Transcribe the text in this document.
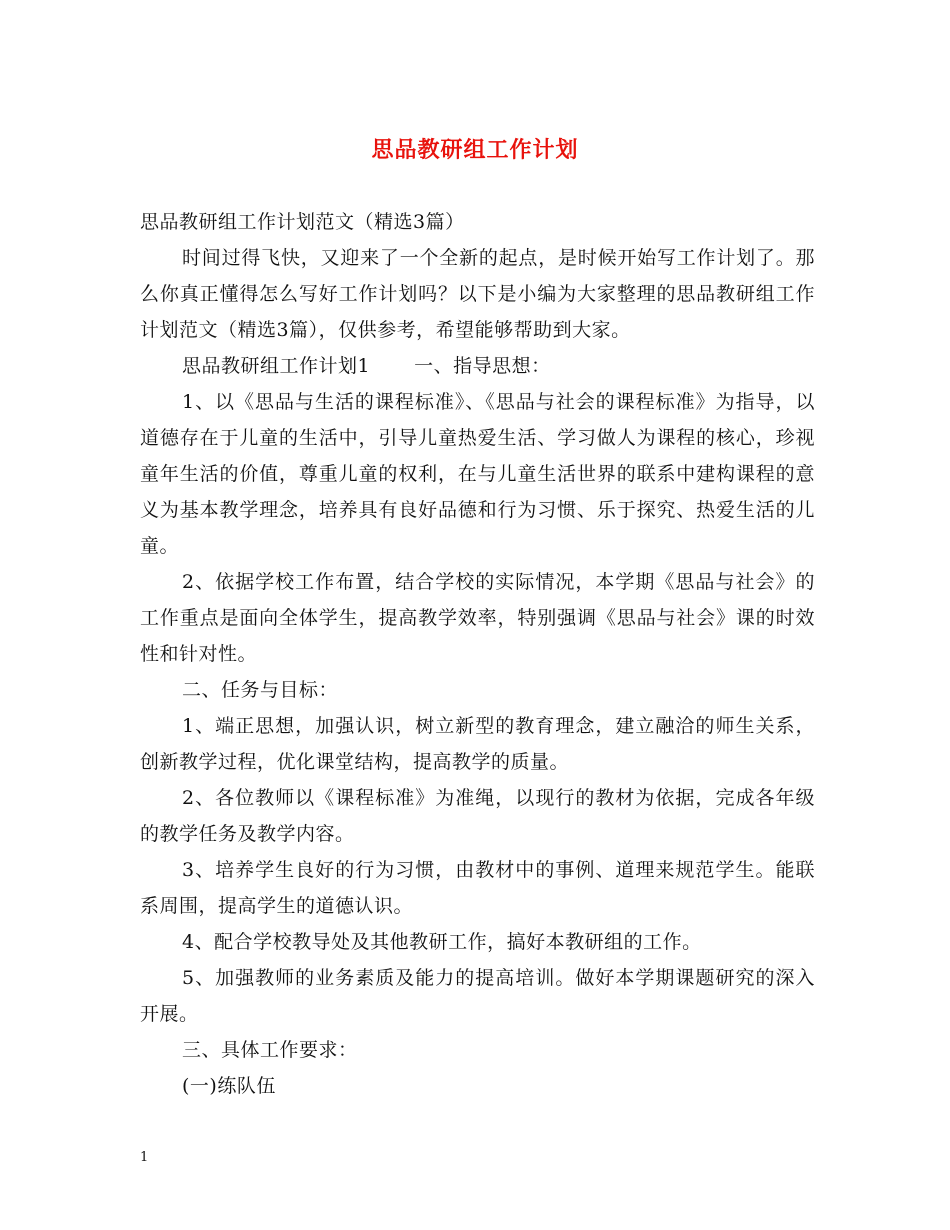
思品教研组工作计划

思品教研组工作计划范文（精选3篇）

时间过得飞快，又迎来了一个全新的起点，是时候开始写工作计划了。那么你真正懂得怎么写好工作计划吗？以下是小编为大家整理的思品教研组工作计划范文（精选3篇），仅供参考，希望能够帮助到大家。

思品教研组工作计划1 一、指导思想：

1、以《思品与生活的课程标准》、《思品与社会的课程标准》为指导，以道德存在于儿童的生活中，引导儿童热爱生活、学习做人为课程的核心，珍视童年生活的价值，尊重儿童的权利，在与儿童生活世界的联系中建构课程的意义为基本教学理念，培养具有良好品德和行为习惯、乐于探究、热爱生活的儿童。

2、依据学校工作布置，结合学校的实际情况，本学期《思品与社会》的工作重点是面向全体学生，提高教学效率，特别强调《思品与社会》课的时效性和针对性。

二、任务与目标：

1、端正思想，加强认识，树立新型的教育理念，建立融洽的师生关系，创新教学过程，优化课堂结构，提高教学的质量。

2、各位教师以《课程标准》为准绳，以现行的教材为依据，完成各年级的教学任务及教学内容。

3、培养学生良好的行为习惯，由教材中的事例、道理来规范学生。能联系周围，提高学生的道德认识。

4、配合学校教导处及其他教研工作，搞好本教研组的工作。

5、加强教师的业务素质及能力的提高培训。做好本学期课题研究的深入开展。

三、具体工作要求：

(一)练队伍

1
